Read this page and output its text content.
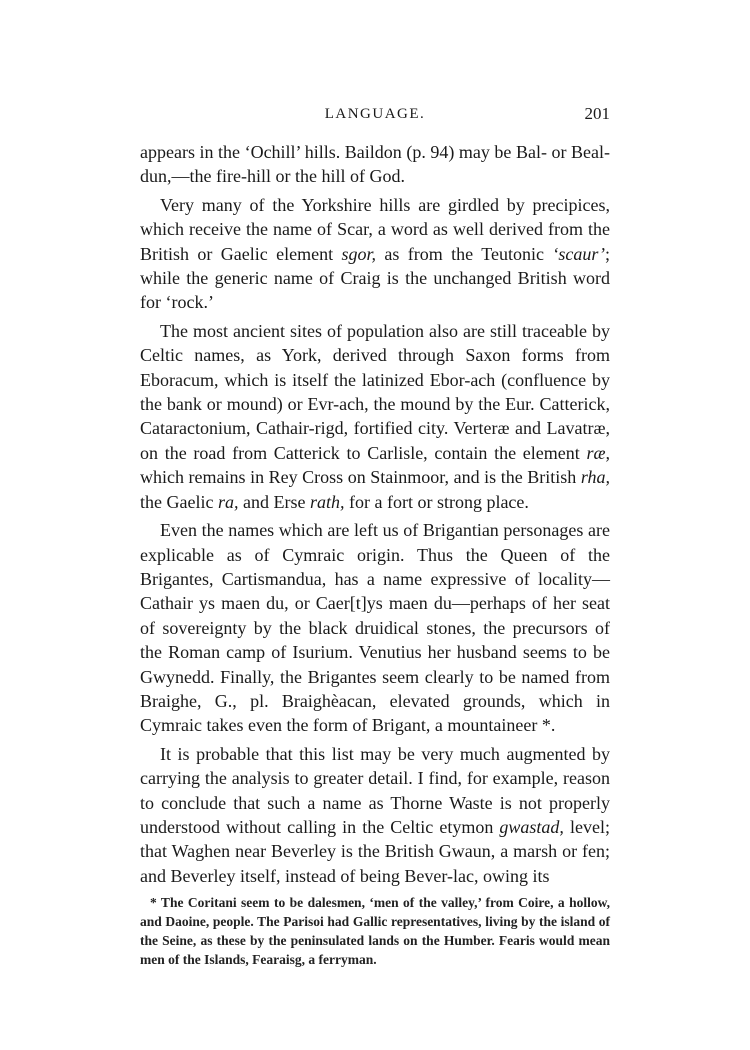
LANGUAGE.	201

appears in the ‘Ochill’ hills. Baildon (p. 94) may be Bal- or Beal-dun,—the fire-hill or the hill of God.

Very many of the Yorkshire hills are girdled by precipices, which receive the name of Scar, a word as well derived from the British or Gaelic element sgor, as from the Teutonic ‘scaur’; while the generic name of Craig is the unchanged British word for ‘rock.’

The most ancient sites of population also are still traceable by Celtic names, as York, derived through Saxon forms from Eboracum, which is itself the latinized Ebor-ach (confluence by the bank or mound) or Evr-ach, the mound by the Eur. Catterick, Cataractonium, Cathair-rigd, fortified city. Verteræ and Lavatræ, on the road from Catterick to Carlisle, contain the element ræ, which remains in Rey Cross on Stainmoor, and is the British rha, the Gaelic ra, and Erse rath, for a fort or strong place.

Even the names which are left us of Brigantian personages are explicable as of Cymraic origin. Thus the Queen of the Brigantes, Cartismandua, has a name expressive of locality—Cathair ys maen du, or Caer[t]ys maen du—perhaps of her seat of sovereignty by the black druidical stones, the precursors of the Roman camp of Isurium. Venutius her husband seems to be Gwynedd. Finally, the Brigantes seem clearly to be named from Braighe, G., pl. Braighèacan, elevated grounds, which in Cymraic takes even the form of Brigant, a mountaineer *.

It is probable that this list may be very much augmented by carrying the analysis to greater detail. I find, for example, reason to conclude that such a name as Thorne Waste is not properly understood without calling in the Celtic etymon gwastad, level; that Waghen near Beverley is the British Gwaun, a marsh or fen; and Beverley itself, instead of being Bever-lac, owing its

* The Coritani seem to be dalesmen, ‘men of the valley,’ from Coire, a hollow, and Daoine, people. The Parisoi had Gallic representatives, living by the island of the Seine, as these by the peninsulated lands on the Humber. Fearis would mean men of the Islands, Fearaisg, a ferryman.
